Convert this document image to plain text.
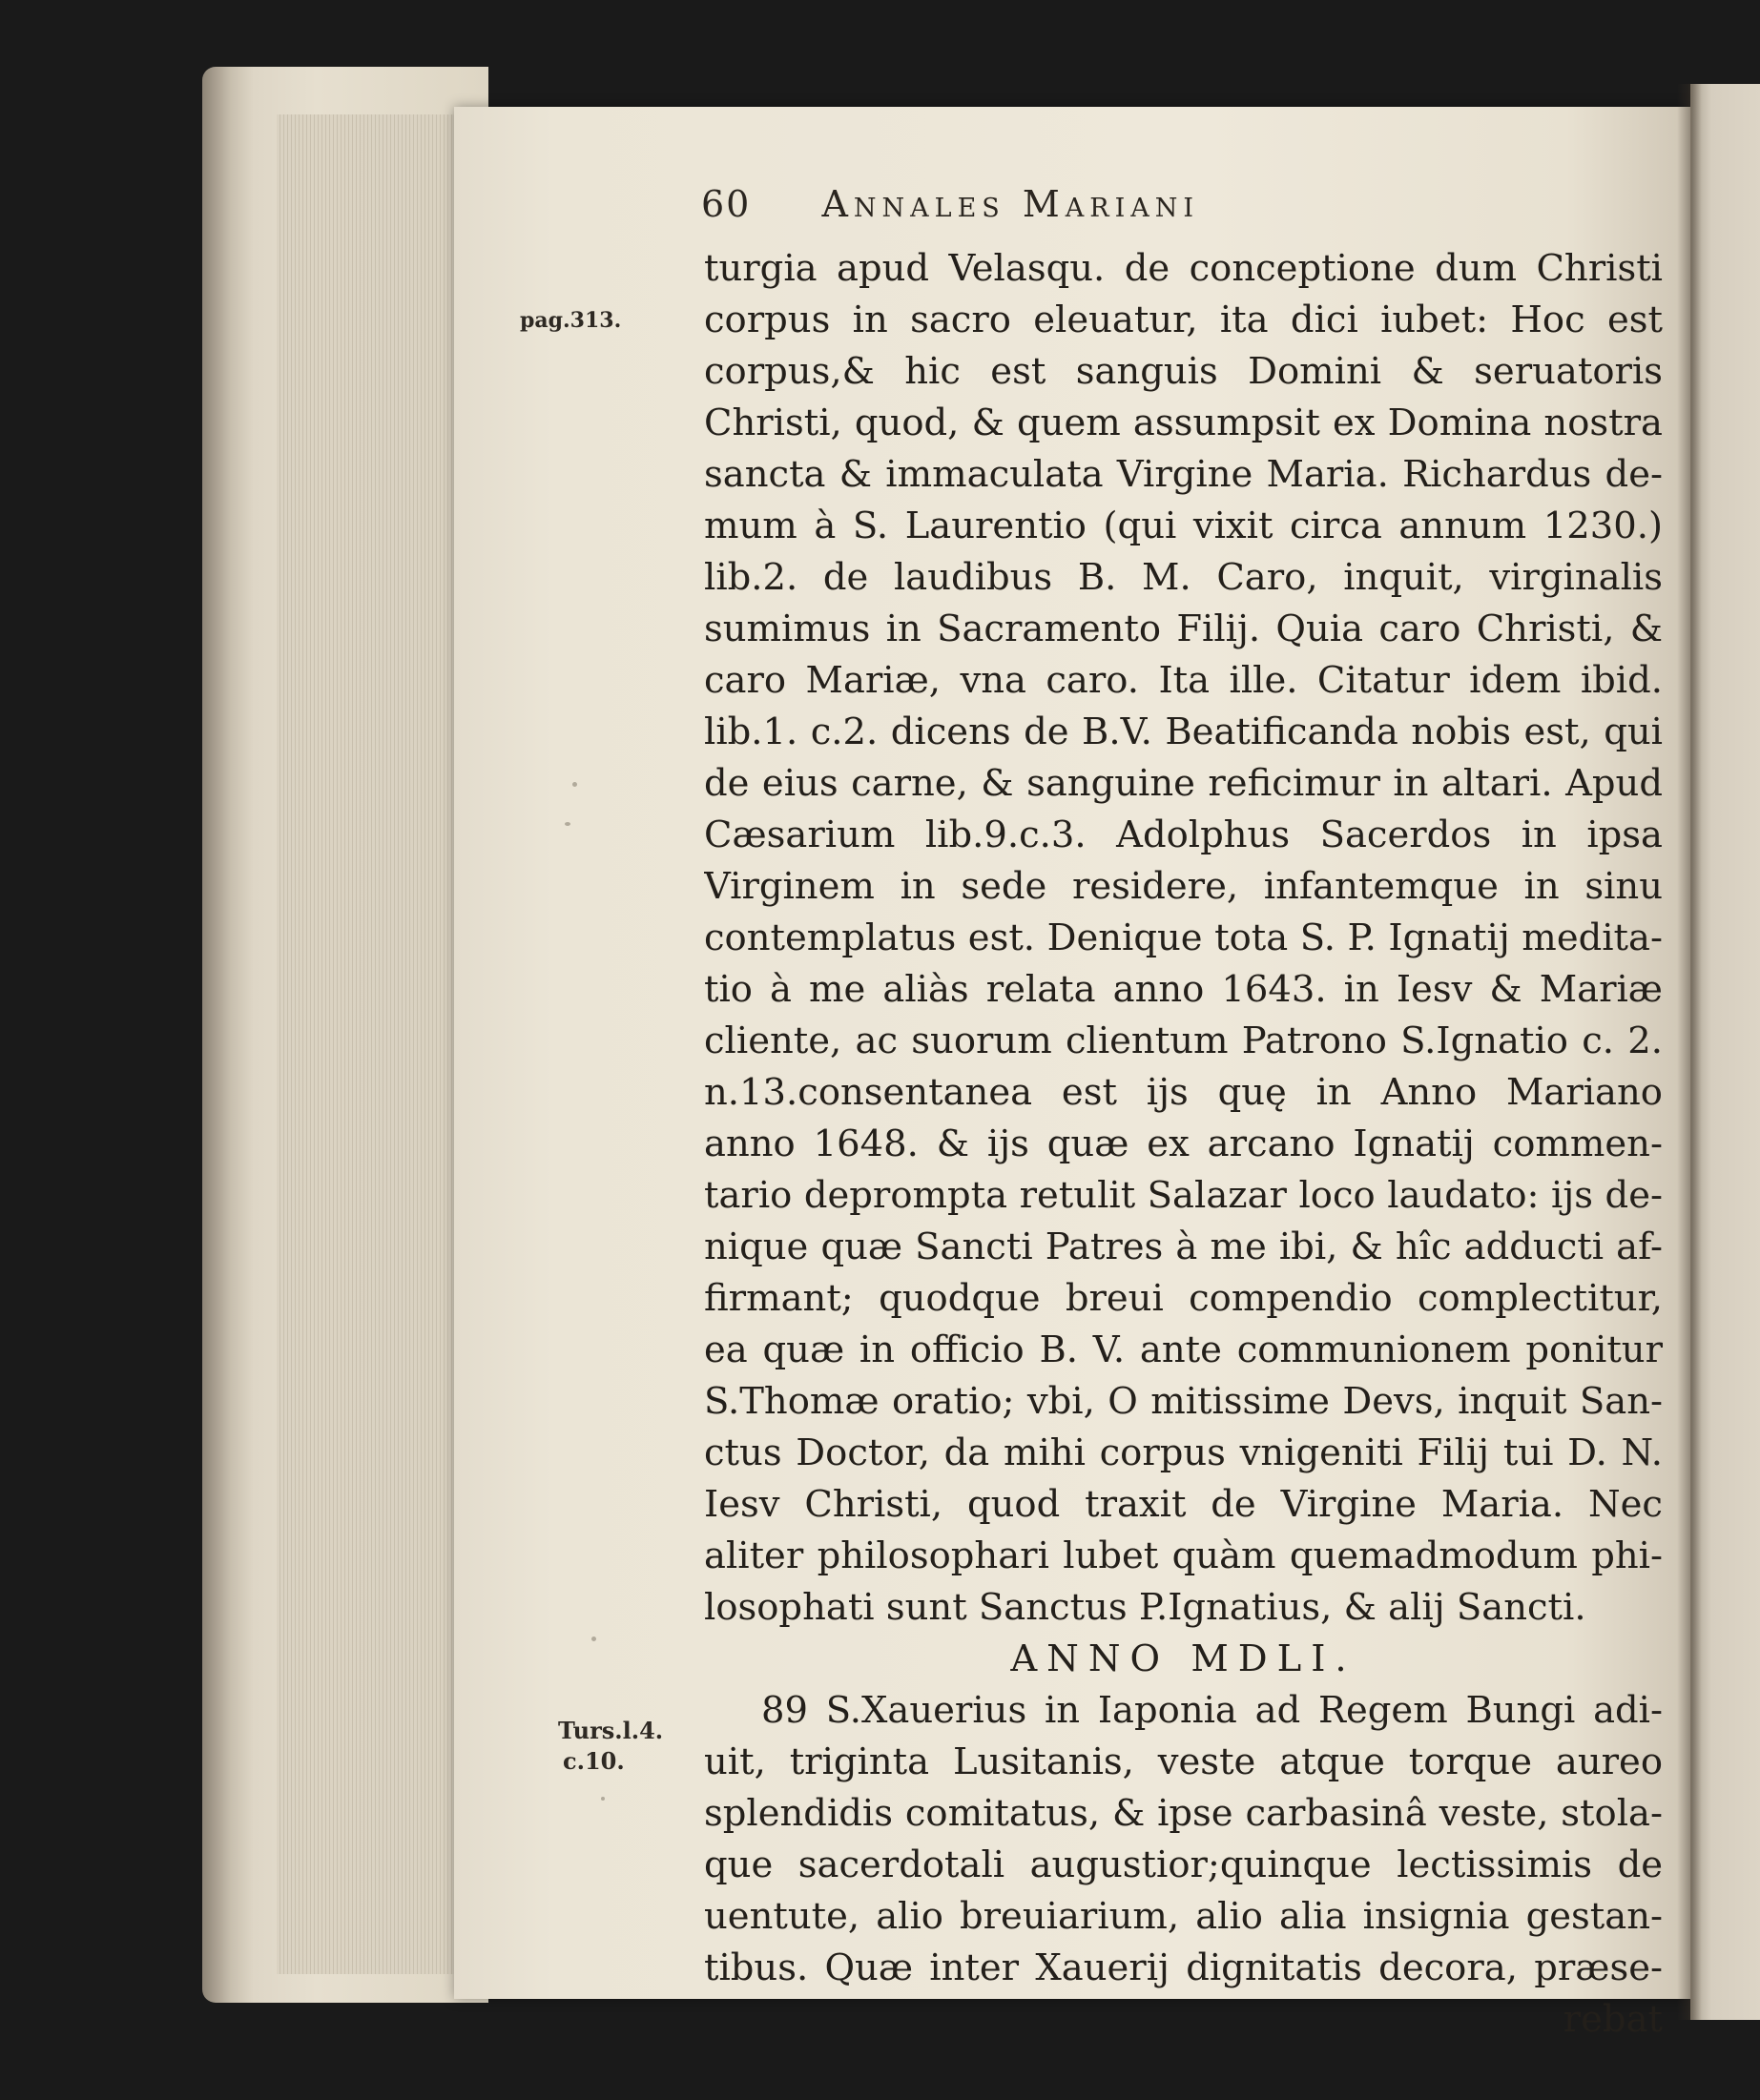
60 Annales Mariani
pag.313.
Turs.l.4.
c.10.
turgia apud Velasqu. de conceptione dum Christi
corpus in sacro eleuatur, ita dici iubet: Hoc est
corpus,& hic est sanguis Domini & seruatoris
Christi, quod, & quem assumpsit ex Domina nostra
sancta & immaculata Virgine Maria. Richardus de-
mum à S. Laurentio (qui vixit circa annum 1230.)
lib.2. de laudibus B. M. Caro, inquit, virginalis
sumimus in Sacramento Filij. Quia caro Christi, &
caro Mariæ, vna caro. Ita ille. Citatur idem ibid.
lib.1. c.2. dicens de B.V. Beatificanda nobis est, qui
de eius carne, & sanguine reficimur in altari. Apud
Cæsarium lib.9.c.3. Adolphus Sacerdos in ipsa
Virginem in sede residere, infantemque in sinu
contemplatus est. Denique tota S. P. Ignatij medita-
tio à me aliàs relata anno 1643. in Iesv & Mariæ
cliente, ac suorum clientum Patrono S.Ignatio c. 2.
n.13.consentanea est ijs quę in Anno Mariano
anno 1648. & ijs quæ ex arcano Ignatij commen-
tario deprompta retulit Salazar loco laudato: ijs de-
nique quæ Sancti Patres à me ibi, & hîc adducti af-
firmant; quodque breui compendio complectitur,
ea quæ in officio B. V. ante communionem ponitur
S.Thomæ oratio; vbi, O mitissime Devs, inquit San-
ctus Doctor, da mihi corpus vnigeniti Filij tui D. N.
Iesv Christi, quod traxit de Virgine Maria. Nec
aliter philosophari lubet quàm quemadmodum phi-
losophati sunt Sanctus P.Ignatius, & alij Sancti.
ANNO MDLI.
89 S.Xauerius in Iaponia ad Regem Bungi adi-
uit, triginta Lusitanis, veste atque torque aureo
splendidis comitatus, & ipse carbasinâ veste, stola-
que sacerdotali augustior;quinque lectissimis de
uentute, alio breuiarium, alio alia insignia gestan-
tibus. Quæ inter Xauerij dignitatis decora, præse-
rebat
